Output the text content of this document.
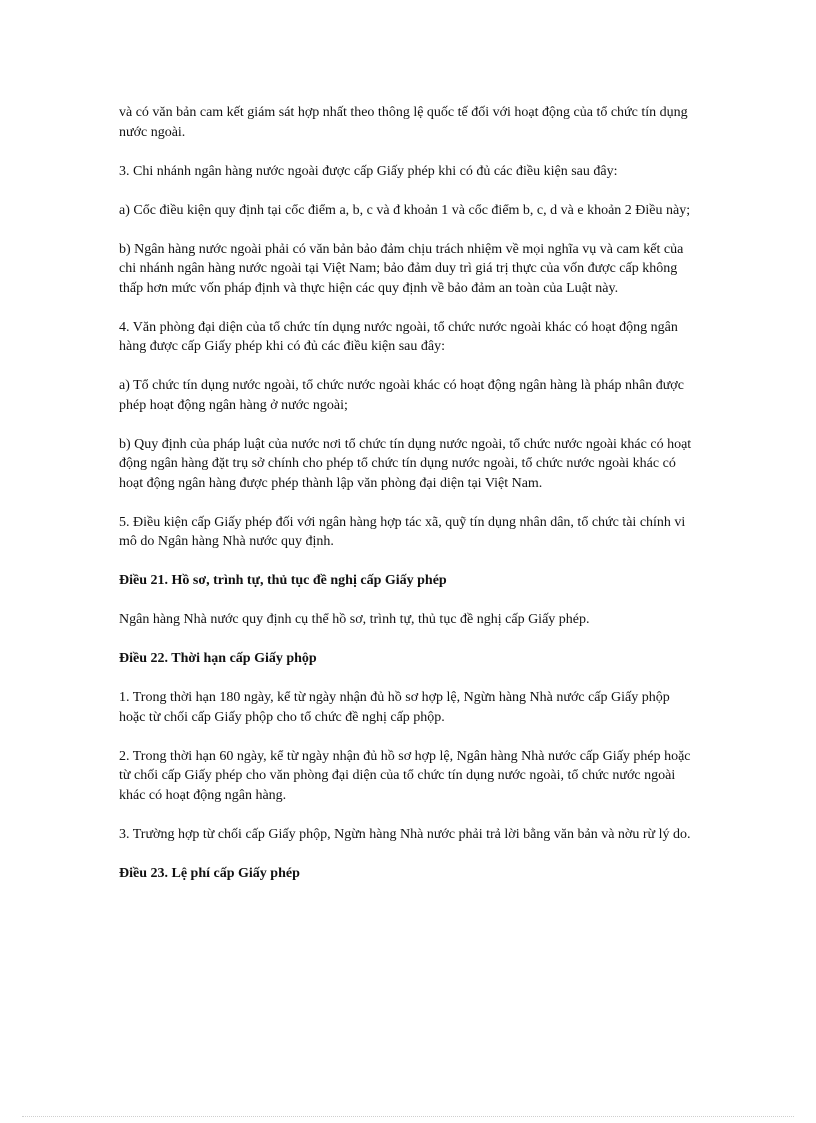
và có văn bản cam kết giám sát hợp nhất theo thông lệ quốc tế đối với hoạt động của tổ chức tín dụng nước ngoài.

3. Chi nhánh ngân hàng nước ngoài được cấp Giấy phép khi có đủ các điều kiện sau đây:

a) Cổc điều kiện quy định tại cổc điểm a, b, c và đ khoản 1 và cổc điểm b, c, d và e khoản 2 Điều này;

b) Ngân hàng nước ngoài phải có văn bản bảo đảm chịu trách nhiệm về mọi nghĩa vụ và cam kết của chi nhánh ngân hàng nước ngoài tại Việt Nam; bảo đảm duy trì giá trị thực của vốn được cấp không thấp hơn mức vốn pháp định và thực hiện các quy định về bảo đảm an toàn của Luật này.

4. Văn phòng đại diện của tổ chức tín dụng nước ngoài, tổ chức nước ngoài khác có hoạt động ngân hàng được cấp Giấy phép khi có đủ các điều kiện sau đây:

a) Tổ chức tín dụng nước ngoài, tổ chức nước ngoài khác có hoạt động ngân hàng là pháp nhân được phép hoạt động ngân hàng ở nước ngoài;

b) Quy định của pháp luật của nước nơi tổ chức tín dụng nước ngoài, tổ chức nước ngoài khác có hoạt động ngân hàng đặt trụ sở chính cho phép tổ chức tín dụng nước ngoài, tổ chức nước ngoài khác có hoạt động ngân hàng được phép thành lập văn phòng đại diện tại Việt Nam.

5. Điều kiện cấp Giấy phép đối với ngân hàng hợp tác xã, quỹ tín dụng nhân dân, tổ chức tài chính vi mô do Ngân hàng Nhà nước quy định.

Điều 21. Hồ sơ, trình tự, thủ tục đề nghị cấp Giấy phép

Ngân hàng Nhà nước quy định cụ thể hồ sơ, trình tự, thủ tục đề nghị cấp Giấy phép.

Điều 22. Thời hạn cấp Giấy phộp

1. Trong thời hạn 180 ngày, kể từ ngày nhận đủ hồ sơ hợp lệ, Ngừn hàng Nhà nước cấp Giấy phộp hoặc từ chối cấp Giấy phộp cho tổ chức đề nghị cấp phộp.

2. Trong thời hạn 60 ngày, kể từ ngày nhận đủ hồ sơ hợp lệ, Ngân hàng Nhà nước cấp Giấy phép hoặc từ chối cấp Giấy phép cho văn phòng đại diện của tổ chức tín dụng nước ngoài, tổ chức nước ngoài khác có hoạt động ngân hàng.

3. Trường hợp từ chối cấp Giấy phộp, Ngừn hàng Nhà nước phải trả lời bằng văn bản và nờu rừ lý do.

Điều 23. Lệ phí cấp Giấy phép
